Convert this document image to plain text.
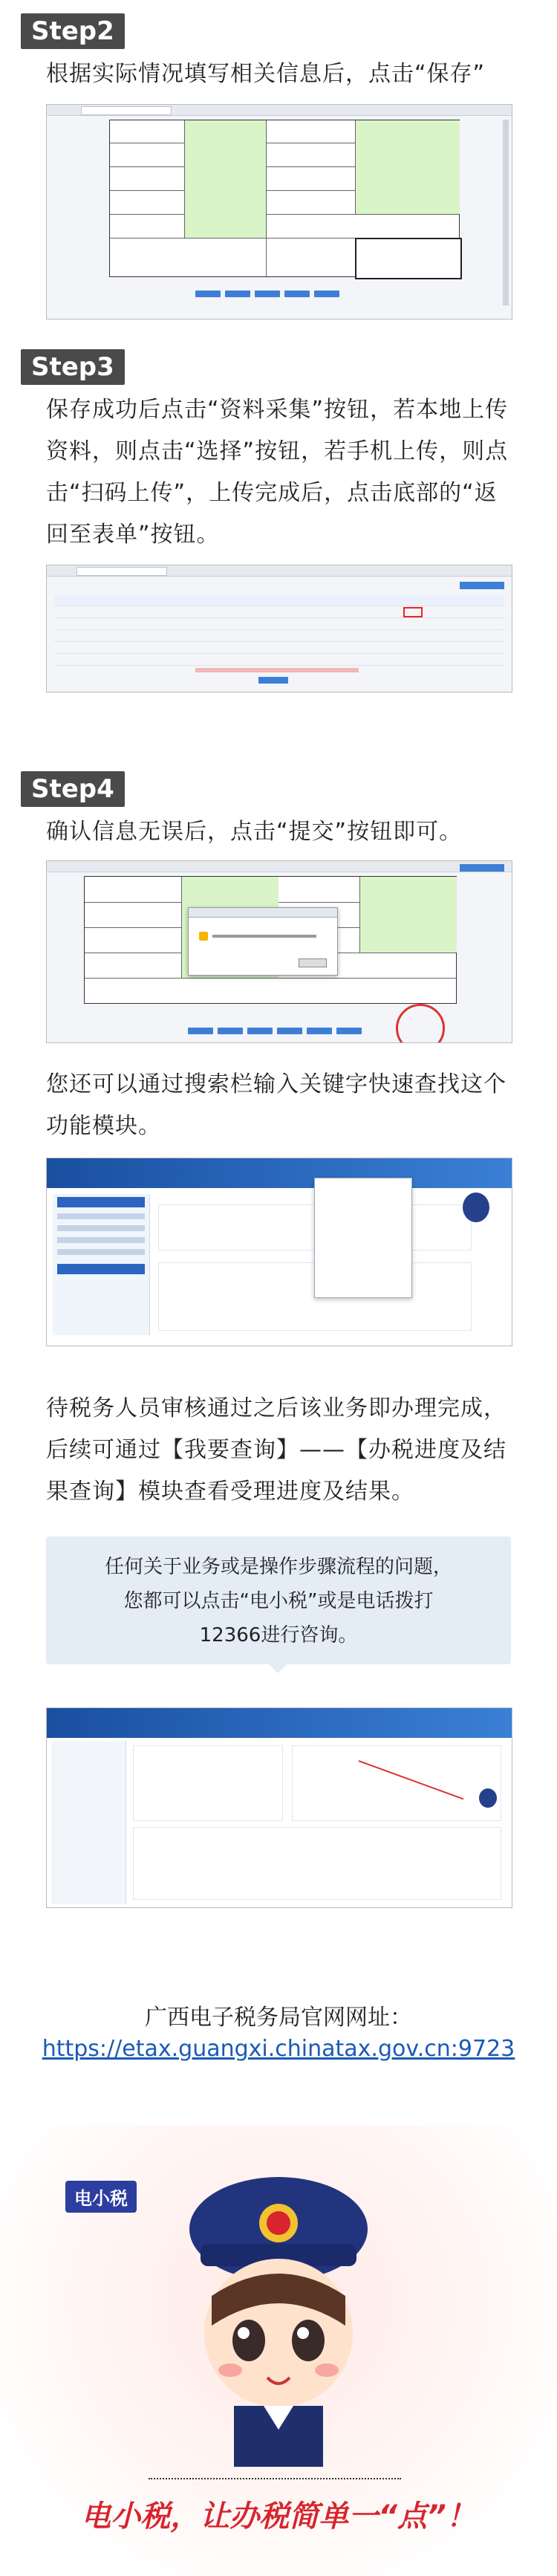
Step2
根据实际情况填写相关信息后，点击“保存”
Step3
保存成功后点击“资料采集”按钮，若本地上传资料，则点击“选择”按钮，若手机上传，则点击“扫码上传”，上传完成后，点击底部的“返回至表单”按钮。
Step4
确认信息无误后，点击“提交”按钮即可。
您还可以通过搜索栏输入关键字快速查找这个功能模块。
待税务人员审核通过之后该业务即办理完成，后续可通过【我要查询】——【办税进度及结果查询】模块查看受理进度及结果。
任何关于业务或是操作步骤流程的问题，您都可以点击“电小税”或是电话拨打12366进行咨询。
广西电子税务局官网网址：
https://etax.guangxi.chinatax.gov.cn:9723
电小税
电小税，让办税简单一“点”！
